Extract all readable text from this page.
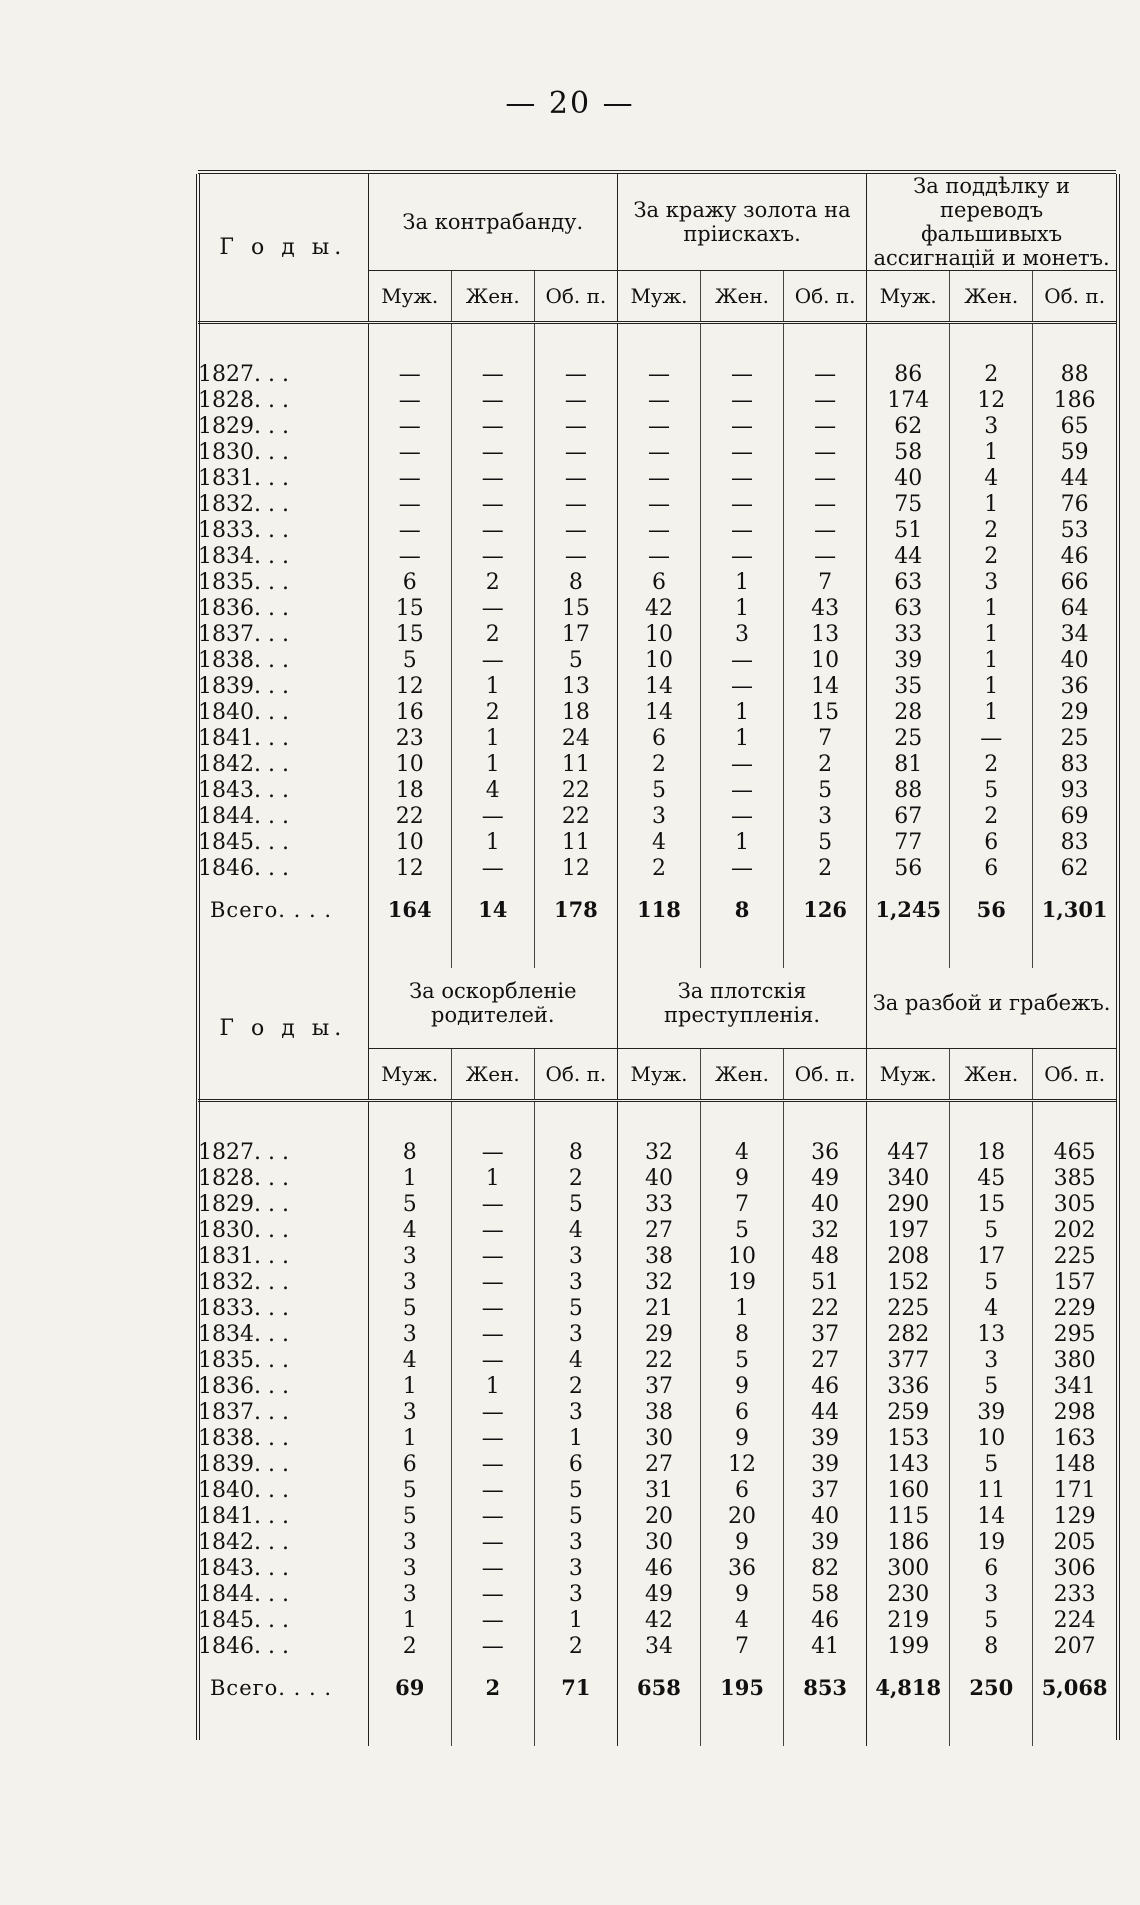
— 20 —
Г о д ы.	За контрабанду.			За кражу золота на пріискахъ.			За поддѣлку и переводъ фальшивыхъ ассигнацій и монетъ.		
	Муж.	Жен.	Об. п.	Муж.	Жен.	Об. п.	Муж.	Жен.	Об. п.

1827. . .	—	—	—	—	—	—	86	2	88
1828. . .	—	—	—	—	—	—	174	12	186
1829. . .	—	—	—	—	—	—	62	3	65
1830. . .	—	—	—	—	—	—	58	1	59
1831. . .	—	—	—	—	—	—	40	4	44
1832. . .	—	—	—	—	—	—	75	1	76
1833. . .	—	—	—	—	—	—	51	2	53
1834. . .	—	—	—	—	—	—	44	2	46
1835. . .	6	2	8	6	1	7	63	3	66
1836. . .	15	—	15	42	1	43	63	1	64
1837. . .	15	2	17	10	3	13	33	1	34
1838. . .	5	—	5	10	—	10	39	1	40
1839. . .	12	1	13	14	—	14	35	1	36
1840. . .	16	2	18	14	1	15	28	1	29
1841. . .	23	1	24	6	1	7	25	—	25
1842. . .	10	1	11	2	—	2	81	2	83
1843. . .	18	4	22	5	—	5	88	5	93
1844. . .	22	—	22	3	—	3	67	2	69
1845. . .	10	1	11	4	1	5	77	6	83
1846. . .	12	—	12	2	—	2	56	6	62
Всего. . . .	164	14	178	118	8	126	1,245	56	1,301

Г о д ы.	За оскорбленіе родителей.			За плотскія преступленія.			За разбой и грабежъ.		
	Муж.	Жен.	Об. п.	Муж.	Жен.	Об. п.	Муж.	Жен.	Об. п.

1827. . .	8	—	8	32	4	36	447	18	465
1828. . .	1	1	2	40	9	49	340	45	385
1829. . .	5	—	5	33	7	40	290	15	305
1830. . .	4	—	4	27	5	32	197	5	202
1831. . .	3	—	3	38	10	48	208	17	225
1832. . .	3	—	3	32	19	51	152	5	157
1833. . .	5	—	5	21	1	22	225	4	229
1834. . .	3	—	3	29	8	37	282	13	295
1835. . .	4	—	4	22	5	27	377	3	380
1836. . .	1	1	2	37	9	46	336	5	341
1837. . .	3	—	3	38	6	44	259	39	298
1838. . .	1	—	1	30	9	39	153	10	163
1839. . .	6	—	6	27	12	39	143	5	148
1840. . .	5	—	5	31	6	37	160	11	171
1841. . .	5	—	5	20	20	40	115	14	129
1842. . .	3	—	3	30	9	39	186	19	205
1843. . .	3	—	3	46	36	82	300	6	306
1844. . .	3	—	3	49	9	58	230	3	233
1845. . .	1	—	1	42	4	46	219	5	224
1846. . .	2	—	2	34	7	41	199	8	207
Всего. . . .	69	2	71	658	195	853	4,818	250	5,068
